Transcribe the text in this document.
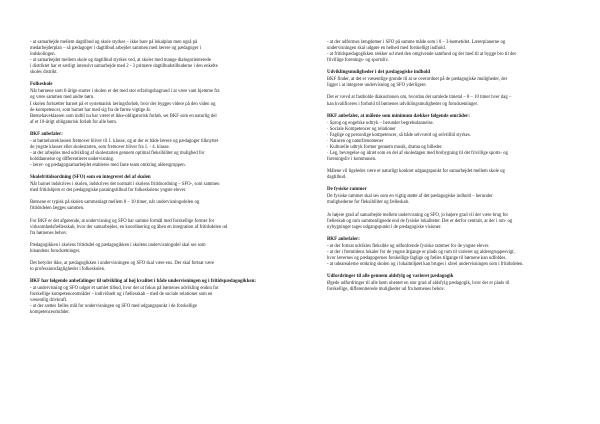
- at samarbejde mellem dagtilbud og skole styrkes – ikke bare på lokalplan men også på

medarbejderplan – så pædagoger i dagtilbud arbejder sammen med lærere og pædagoger i

indskolingen.

- at samarbejdet mellem skole og dagtilbud styrkes ved, at skoler med mange dialogorienterede

i distriktet har et særligt intensivt samarbejde med 2 - 3 primære dagtilbudstilbuderne i den enkelte

skoles distrikt.

Folkeskole

Når børnene som 6-årige starter i skolen er det med stor erfaringsbagrund i at være vant hjemme fra

og være sammen med andre børn.

I skolen fortsætter barnet på et systematisk læringsforløb, hvor der bygges videre på den viden og

de kompetencer, som barnet har med sig fra de første vigtige år.

Børnehaveklassen som indtil nu har været et ikke-obligatorisk forløb, set BKF som en naturlig del

af et 10-årigt obligatorisk forløb for alle børn.

BKF anbefaler:

- at børnehaveklassen fremover bliver til 1. klasse, og at der er både lærere og pædagoger tilknyttet

de yngste klasser eller skolestarten, som fremover bliver fra 1. - 4. klasse.

- at der arbejdes med udvikling af skolestarten gennem optimal fleksibilitet og mulighed for

holddannelse og differentieret undervisning.

- lærer- og pædagogsamarbejdet etableres med faste team omkring aldersgruppen.

Skolefritidsordning (SFO) som en integreret del af skolen

Når barnet indskrives i skolen, indskrives det normalt i skolens fritidsordning – SFO-, som sammen

med fritidshjem er det pædagogiske pasningstilbud for folkeskolens yngste elever.

Børnene er typisk på skolen sammenlagt mellem 8 – 10 timer, når undervisningsdelen og

fritidsdelen lægges sammen.

For BKF er det afgørende, at undervisning og SFO har samme formål med forskellige former for

virksomhedsfællesskab, hvor der samarbejdes, en koordinering og åben en integration af fritidsdelen ud

fra børnenes behov.

Pædagogikken i skolens fritidsdel og pædagogikken i skolens undervisningsdel skal ses som

hinandens forudsætninger.

Det betyder ikke, at pædagogikken i undervisningen og SFO skal være ens. Der skal fortsat være

to professionsfagligheder i folkeskolen.

BKF har følgende anbefalinger til udvikling af høj kvalitet i både undervisningen og i fritidspædagogikken:

- at undervisning og SFO udgør et samlet tilbud, hvor der ut fokus på børnenes udvikling endnu for

forskellige kompetenceområder – individuelt og i fællesskab – med de sociale relationer som en

væsentlig drivkraft.

- at der sættes fælles mål for undervisningen og SFO med udgangspunkt i de forskellige

kompetenceområder.

- at der udformes længdemer i SFO på samme måde som i 0 – 3-børnetidet. Lærerplanerne og

undervisningen skal udgøre en helhed med forskelligt indhold.

- at fritidspædagogikken rækker ud med den omgivende samfund og der med til at bygge bro til det

frivillige forenings- og sportsliv.

Udviklingsmuligheder i det pædagogiske indhold

BKF finder, at det er væsentlige grunde til at se overordnet på de pædagogiske muligheder, der

ligger i at integrere undervisning og SFO yderligere.

Det er vævd at fastholde diakustionen om, hvordan det samlede timetal – 8 – 10 timer hver dag –

kan kvalificeres i forhold til børnenes udviklingsmuligheder og forudsætninger.

BKF anbefaler, at målene som minimum dækker følgende områder:

· Sprog og engelske udtryk – herunder begrebsdannelse.

· Sociale Kompetencer og relationer

· Faglige og personlige kompetencer, så både selvværd og selvtillid styrkes.

· Naturen og naturfænomener

· Kulturelle udtryk former gennem musik, drama og billeder.

· Leg, bevægelse og idræt som en del af skoledagen med brobygning til det frivillige sports- og

foreningsliv i kommunen.

Målene vil ligeledes være et naturligt konkret udgangspunkt for samarbejdet mellem skole og

dagtilbud.

De fysiske rammer

De fysiske rammer skal ses som en vigtig støtte af det pædagogiske indhold – herunder

mulighederne for fleksibilitet og fælleskab.

Jo højere grad af samarbejde mellem undervisning og SFO, jo højere grad vil der være brug for

fælleskab og rum sammenlignede end de fysiske lokaliteter. Det er derfor centralt, at der i om- og

nybygninger tages udgangspunkt i de pædagogiske visioner.

BKF anbefaler:

- at der fortsat udvikles fleksible og udfordrende fysiske rammer for de yngste elever.

- at der i fremtidens lokaler for de yngste årgange er plads og rum til varieret og aldersgruppesvigt,

hvor lærernes og pædagogernes forskellige faglige og fælles tilgange til børnene kan udfoldes.

- at udearealerne omkring skolen og i lokalmiljøet kan bruges i såvel undervisningen som i fritidsdelen.

Udfordringer til alle gennem aldsfylg og varieret pædagogik

Øgede udfordringer til alle børn uhentet en stor grad af aldsfylg pædagogik, hvor der er plads til

forskellige, differentierede muligheder ud fra børnenes behov.
